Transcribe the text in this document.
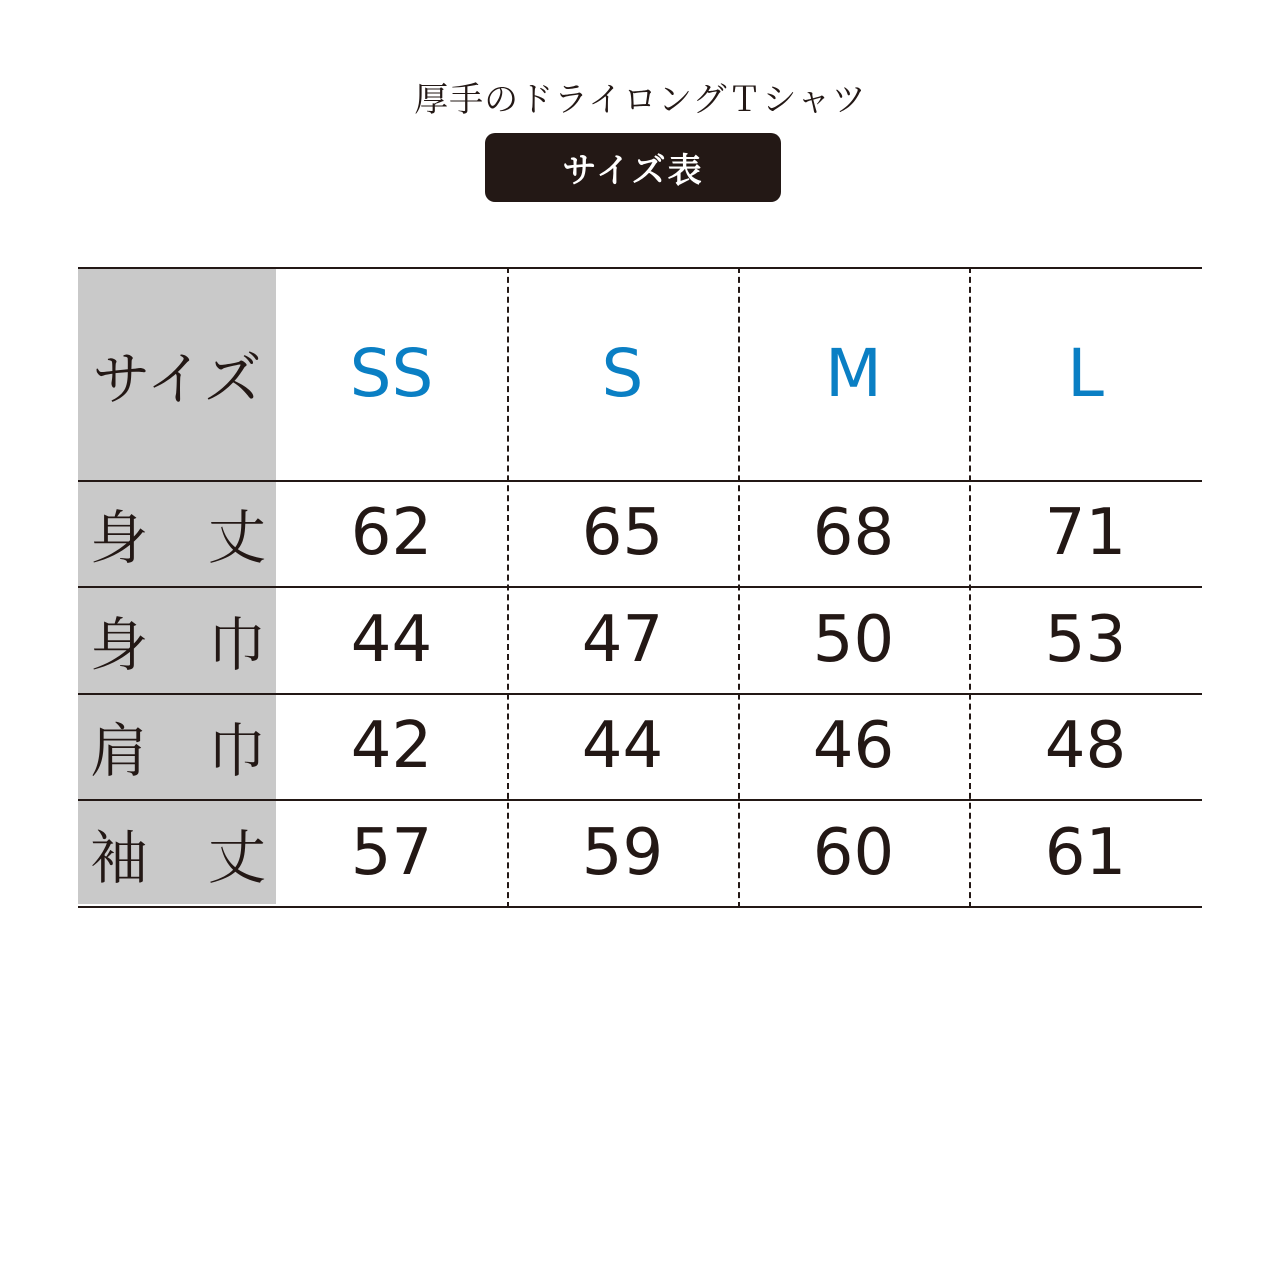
厚手のドライロングＴシャツ
サイズ表
サイズ	SS	S	M	L
身 丈	62	65	68	71
身 巾	44	47	50	53
肩 巾	42	44	46	48
袖 丈	57	59	60	61
